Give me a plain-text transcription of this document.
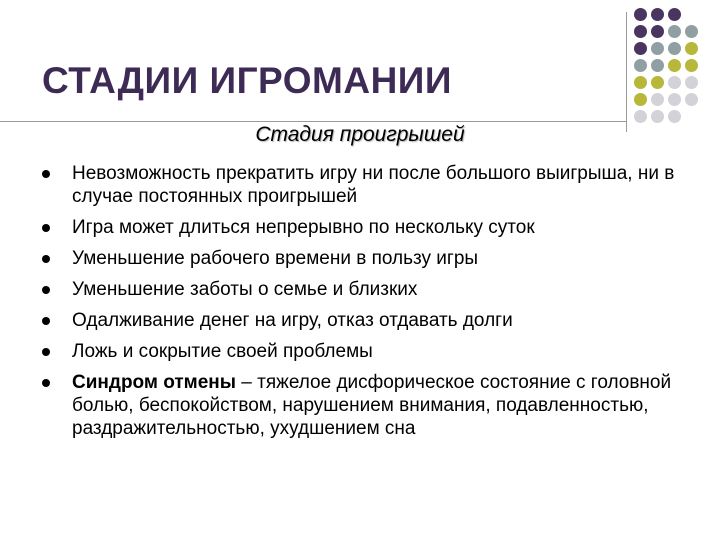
СТАДИИ ИГРОМАНИИ
Стадия проигрышей
Невозможность прекратить игру ни после большого выигрыша, ни в случае постоянных проигрышей
Игра может длиться непрерывно по нескольку суток
Уменьшение рабочего времени в пользу игры
Уменьшение заботы о семье и близких
Одалживание денег на игру, отказ отдавать долги
Ложь и сокрытие своей проблемы
Синдром отмены – тяжелое дисфорическое состояние с головной болью, беспокойством, нарушением внимания, подавленностью, раздражительностью, ухудшением сна
